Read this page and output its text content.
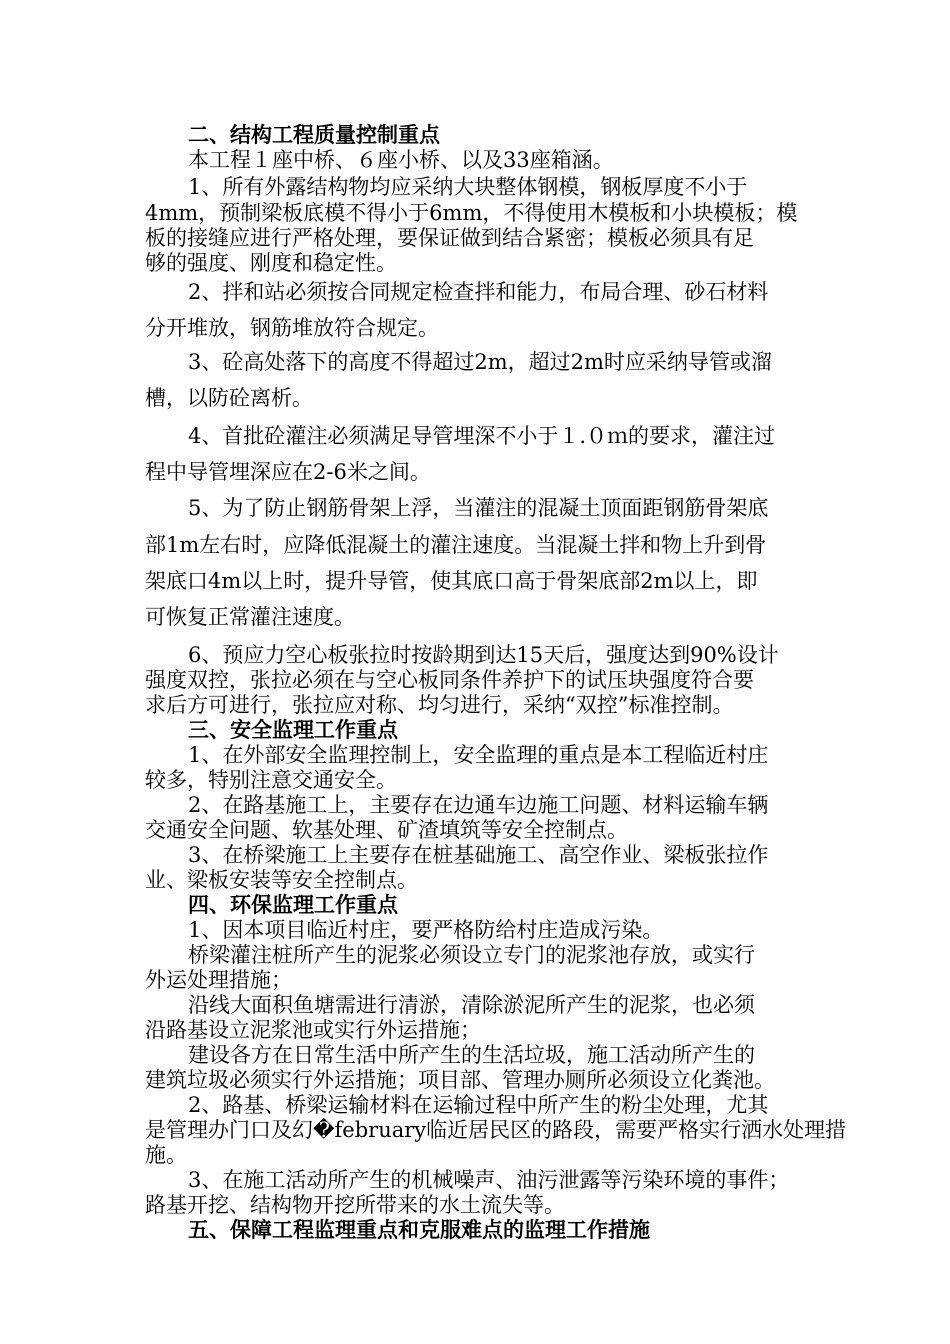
二、结构工程质量控制重点

本工程１座中桥、６座小桥、以及33座箱涵。

1、所有外露结构物均应采纳大块整体钢模，钢板厚度不小于

4mm，预制梁板底模不得小于6mm，不得使用木模板和小块模板；模

板的接缝应进行严格处理，要保证做到结合紧密；模板必须具有足

够的强度、刚度和稳定性。

2、拌和站必须按合同规定检查拌和能力，布局合理、砂石材料

分开堆放，钢筋堆放符合规定。

3、砼高处落下的高度不得超过2m，超过2m时应采纳导管或溜

槽，以防砼离析。

4、首批砼灌注必须满足导管埋深不小于１.０ｍ的要求，灌注过

程中导管埋深应在2-6米之间。

5、为了防止钢筋骨架上浮，当灌注的混凝土顶面距钢筋骨架底

部1m左右时，应降低混凝土的灌注速度。当混凝土拌和物上升到骨

架底口4m以上时，提升导管，使其底口高于骨架底部2m以上，即

可恢复正常灌注速度。

6、预应力空心板张拉时按龄期到达15天后，强度达到90%设计

强度双控，张拉必须在与空心板同条件养护下的试压块强度符合要

求后方可进行，张拉应对称、均匀进行，采纳“双控”标准控制。

三、安全监理工作重点

1、在外部安全监理控制上，安全监理的重点是本工程临近村庄

较多，特别注意交通安全。

2、在路基施工上，主要存在边通车边施工问题、材料运输车辆

交通安全问题、软基处理、矿渣填筑等安全控制点。

3、在桥梁施工上主要存在桩基础施工、高空作业、梁板张拉作

业、梁板安装等安全控制点。

四、环保监理工作重点

1、因本项目临近村庄，要严格防给村庄造成污染。

桥梁灌注桩所产生的泥浆必须设立专门的泥浆池存放，或实行

外运处理措施；

沿线大面积鱼塘需进行清淤，清除淤泥所产生的泥浆，也必须

沿路基设立泥浆池或实行外运措施；

建设各方在日常生活中所产生的生活垃圾，施工活动所产生的

建筑垃圾必须实行外运措施；项目部、管理办厕所必须设立化粪池。

2、路基、桥梁运输材料在运输过程中所产生的粉尘处理，尤其

是管理办门口及幻�february临近居民区的路段，需要严格实行洒水处理措

施。

3、在施工活动所产生的机械噪声、油污泄露等污染环境的事件；

路基开挖、结构物开挖所带来的水土流失等。

五、保障工程监理重点和克服难点的监理工作措施
